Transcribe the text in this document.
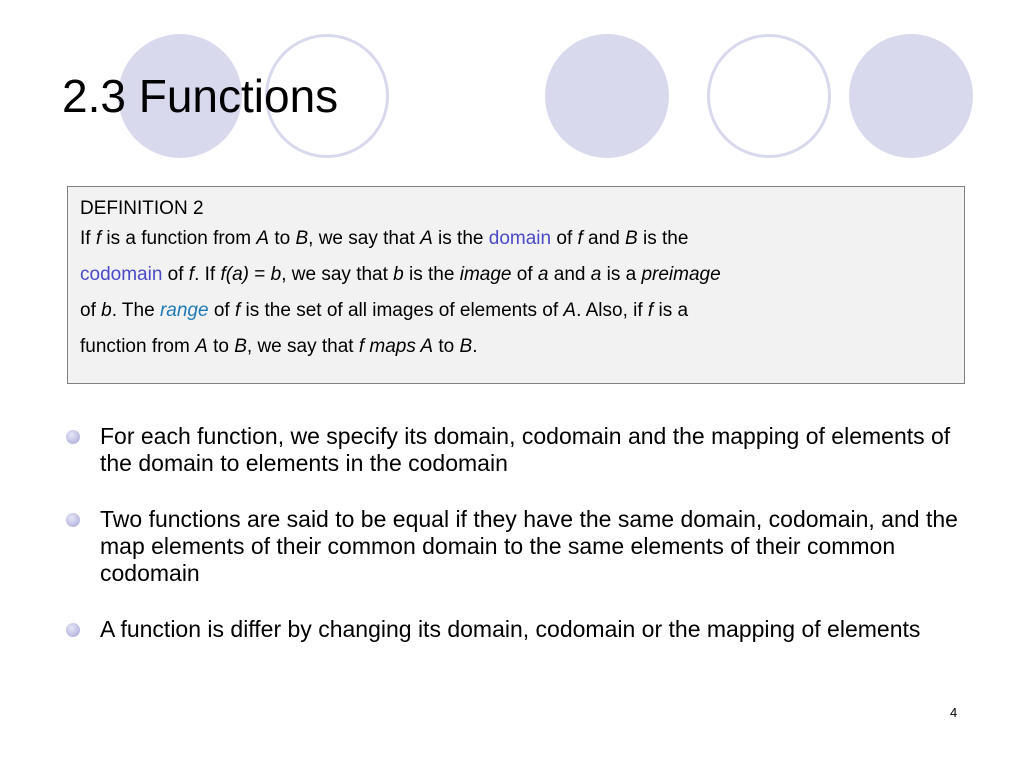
2.3 Functions
DEFINITION 2
If f is a function from A to B, we say that A is the domain of f and B is the
codomain of f. If f(a) = b, we say that b is the image of a and a is a preimage
of b. The range of f is the set of all images of elements of A. Also, if f is a
function from A to B, we say that f maps A to B.
For each function, we specify its domain, codomain and the mapping of elements of the domain to elements in the codomain
Two functions are said to be equal if they have the same domain, codomain, and the map elements of their common domain to the same elements of their common codomain
A function is differ by changing its domain, codomain or the mapping of elements
4
